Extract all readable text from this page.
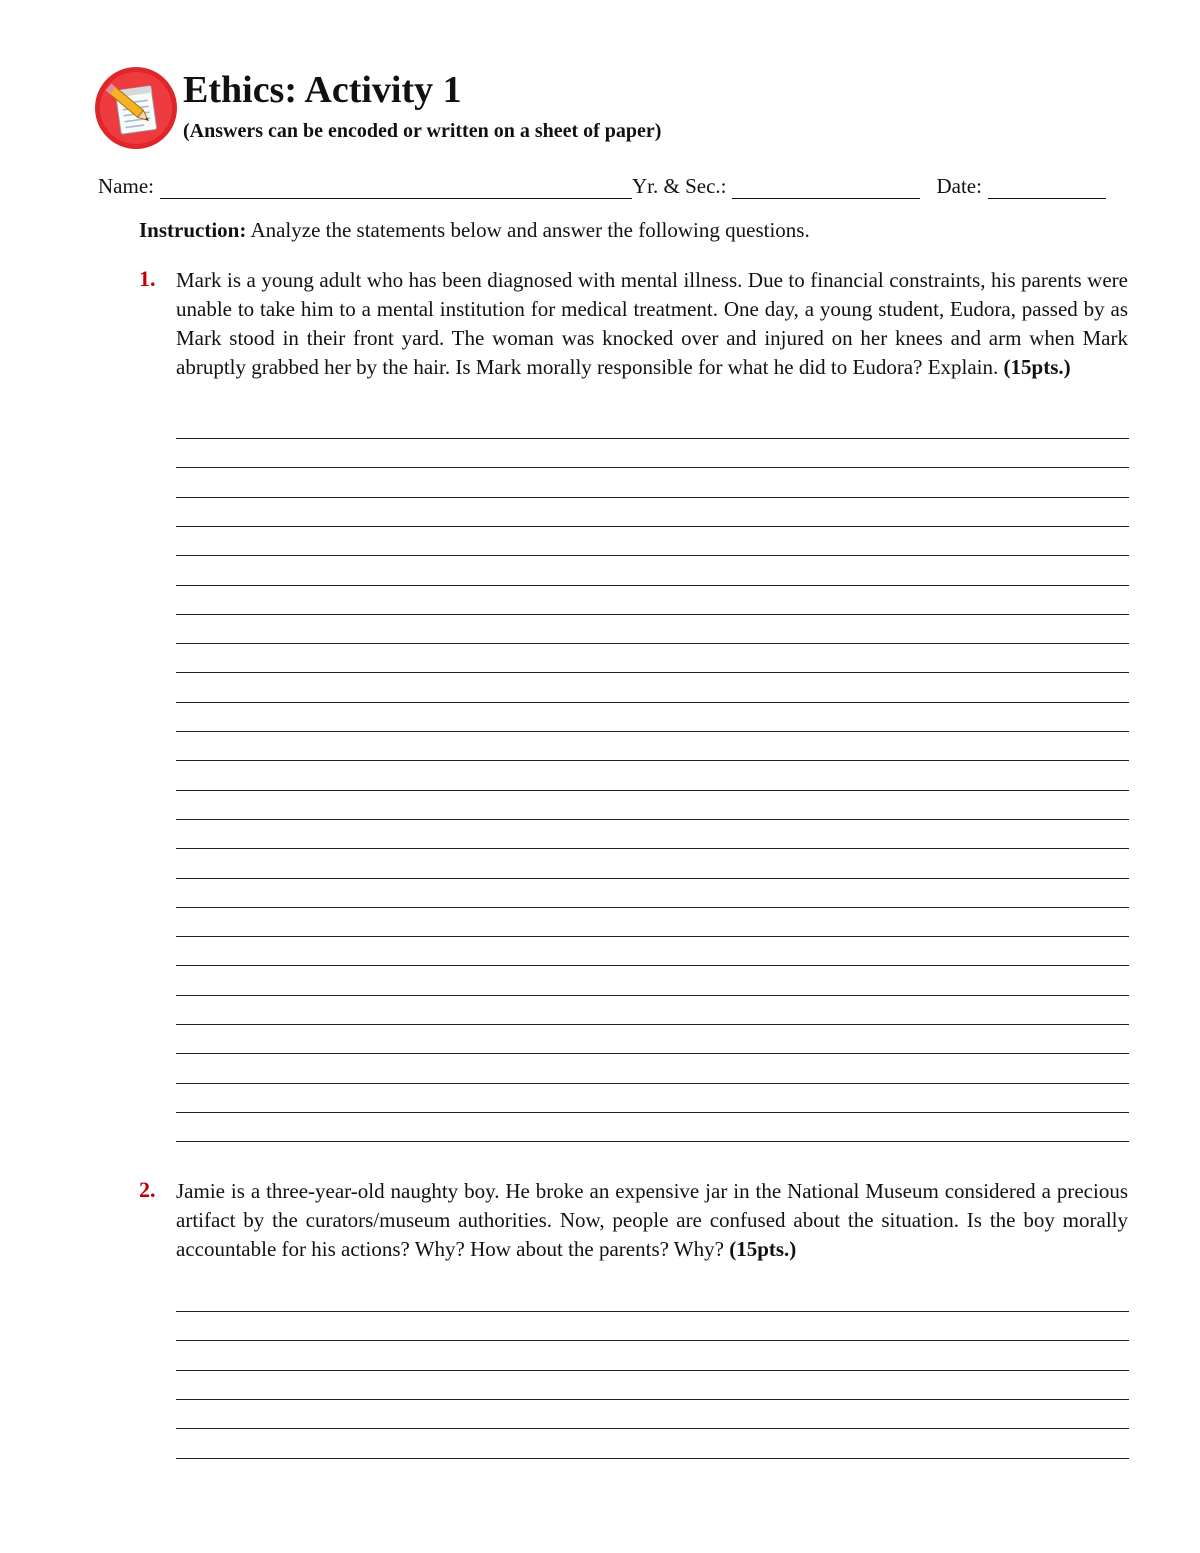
Ethics: Activity 1
(Answers can be encoded or written on a sheet of paper)
Name:	Yr. & Sec.:	Date:
Instruction: Analyze the statements below and answer the following questions.
1. Mark is a young adult who has been diagnosed with mental illness. Due to financial constraints, his parents were unable to take him to a mental institution for medical treatment. One day, a young student, Eudora, passed by as Mark stood in their front yard. The woman was knocked over and injured on her knees and arm when Mark abruptly grabbed her by the hair. Is Mark morally responsible for what he did to Eudora? Explain. (15pts.)
2. Jamie is a three-year-old naughty boy. He broke an expensive jar in the National Museum considered a precious artifact by the curators/museum authorities. Now, people are confused about the situation. Is the boy morally accountable for his actions? Why? How about the parents? Why? (15pts.)
